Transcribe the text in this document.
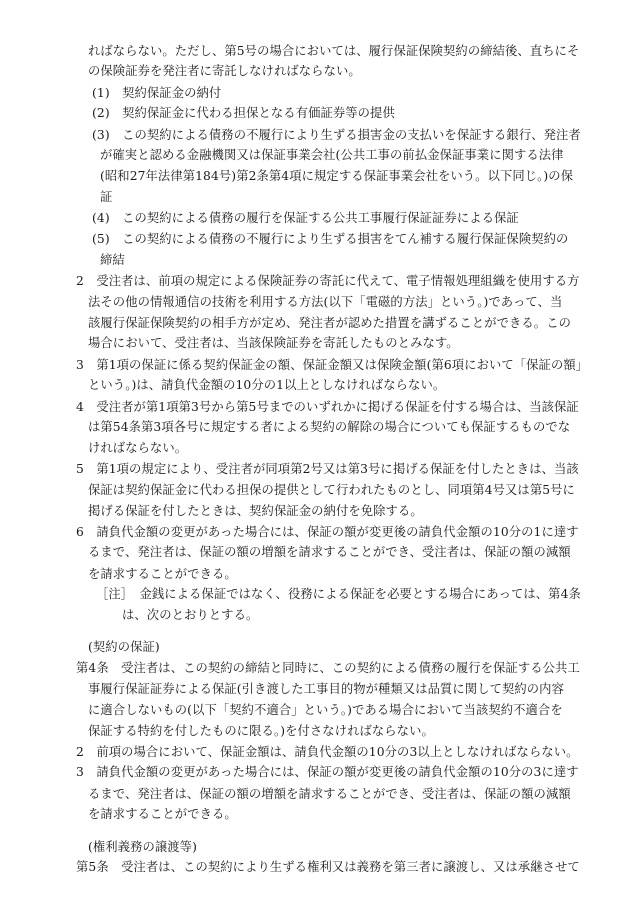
ればならない。ただし、第5号の場合においては、履行保証保険契約の締結後、直ちにそ
の保険証券を発注者に寄託しなければならない。
(1)　契約保証金の納付
(2)　契約保証金に代わる担保となる有価証券等の提供
(3)　この契約による債務の不履行により生ずる損害金の支払いを保証する銀行、発注者
が確実と認める金融機関又は保証事業会社(公共工事の前払金保証事業に関する法律
(昭和27年法律第184号)第2条第4項に規定する保証事業会社をいう。以下同じ。)の保
証
(4)　この契約による債務の履行を保証する公共工事履行保証証券による保証
(5)　この契約による債務の不履行により生ずる損害をてん補する履行保証保険契約の
締結
2　受注者は、前項の規定による保険証券の寄託に代えて、電子情報処理組織を使用する方
法その他の情報通信の技術を利用する方法(以下「電磁的方法」という。)であって、当
該履行保証保険契約の相手方が定め、発注者が認めた措置を講ずることができる。この
場合において、受注者は、当該保険証券を寄託したものとみなす。
3　第1項の保証に係る契約保証金の額、保証金額又は保険金額(第6項において「保証の額」
という。)は、請負代金額の10分の1以上としなければならない。
4　受注者が第1項第3号から第5号までのいずれかに掲げる保証を付する場合は、当該保証
は第54条第3項各号に規定する者による契約の解除の場合についても保証するものでな
ければならない。
5　第1項の規定により、受注者が同項第2号又は第3号に掲げる保証を付したときは、当該
保証は契約保証金に代わる担保の提供として行われたものとし、同項第4号又は第5号に
掲げる保証を付したときは、契約保証金の納付を免除する。
6　請負代金額の変更があった場合には、保証の額が変更後の請負代金額の10分の1に達す
るまで、発注者は、保証の額の増額を請求することができ、受注者は、保証の額の減額
を請求することができる。
［注］　金銭による保証ではなく、役務による保証を必要とする場合にあっては、第4条
は、次のとおりとする。
(契約の保証)
第4条　受注者は、この契約の締結と同時に、この契約による債務の履行を保証する公共工
事履行保証証券による保証(引き渡した工事目的物が種類又は品質に関して契約の内容
に適合しないもの(以下「契約不適合」という。)である場合において当該契約不適合を
保証する特約を付したものに限る。)を付さなければならない。
2　前項の場合において、保証金額は、請負代金額の10分の3以上としなければならない。
3　請負代金額の変更があった場合には、保証の額が変更後の請負代金額の10分の3に達す
るまで、発注者は、保証の額の増額を請求することができ、受注者は、保証の額の減額
を請求することができる。
(権利義務の譲渡等)
第5条　受注者は、この契約により生ずる権利又は義務を第三者に譲渡し、又は承継させて
